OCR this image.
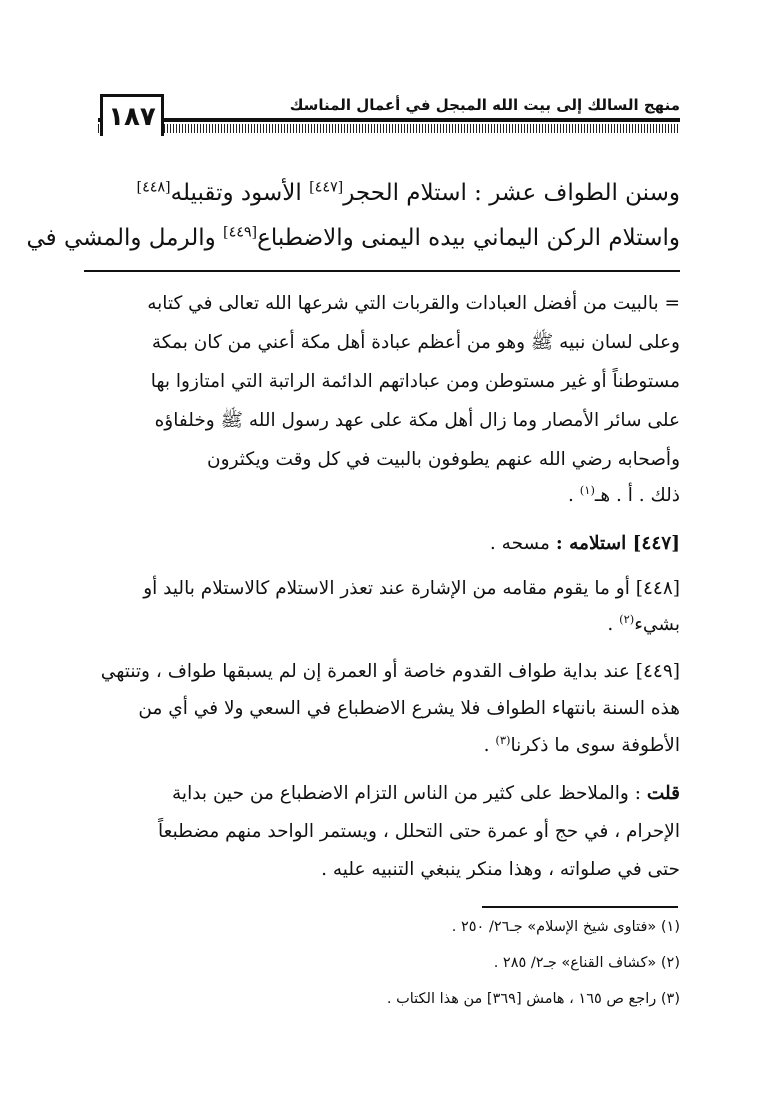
منهج السالك إلى بيت الله المبجل في أعمال المناسك
١٨٧
وسنن الطواف عشر : استلام الحجر[٤٤٧] الأسود وتقبيله[٤٤٨]
واستلام الركن اليماني بيده اليمنى والاضطباع[٤٤٩] والرمل والمشي في
= بالبيت من أفضل العبادات والقربات التي شرعها الله تعالى في كتابه
وعلى لسان نبيه ﷺ وهو من أعظم عبادة أهل مكة أعني من كان بمكة
مستوطناً أو غير مستوطن ومن عباداتهم الدائمة الراتبة التي امتازوا بها
على سائر الأمصار وما زال أهل مكة على عهد رسول الله ﷺ وخلفاؤه
وأصحابه رضي الله عنهم يطوفون بالبيت في كل وقت ويكثرون
ذلك . أ . هـ$^{(١)}$ .
[٤٤٧] استلامه : مسحه .
[٤٤٨] أو ما يقوم مقامه من الإشارة عند تعذر الاستلام كالاستلام باليد أو
بشيء$^{(٢)}$ .
[٤٤٩] عند بداية طواف القدوم خاصة أو العمرة إن لم يسبقها طواف ، وتنتهي
هذه السنة بانتهاء الطواف فلا يشرع الاضطباع في السعي ولا في أي من
الأطوفة سوى ما ذكرنا$^{(٣)}$ .
قلت : والملاحظ على كثير من الناس التزام الاضطباع من حين بداية
الإحرام ، في حج أو عمرة حتى التحلل ، ويستمر الواحد منهم مضطبعاً
حتى في صلواته ، وهذا منكر ينبغي التنبيه عليه .
(١) «فتاوى شيخ الإسلام» جـ٢٦/ ٢٥٠ .
(٢) «كشاف القناع» جـ٢/ ٢٨٥ .
(٣) راجع ص ١٦٥ ، هامش [٣٦٩] من هذا الكتاب .
